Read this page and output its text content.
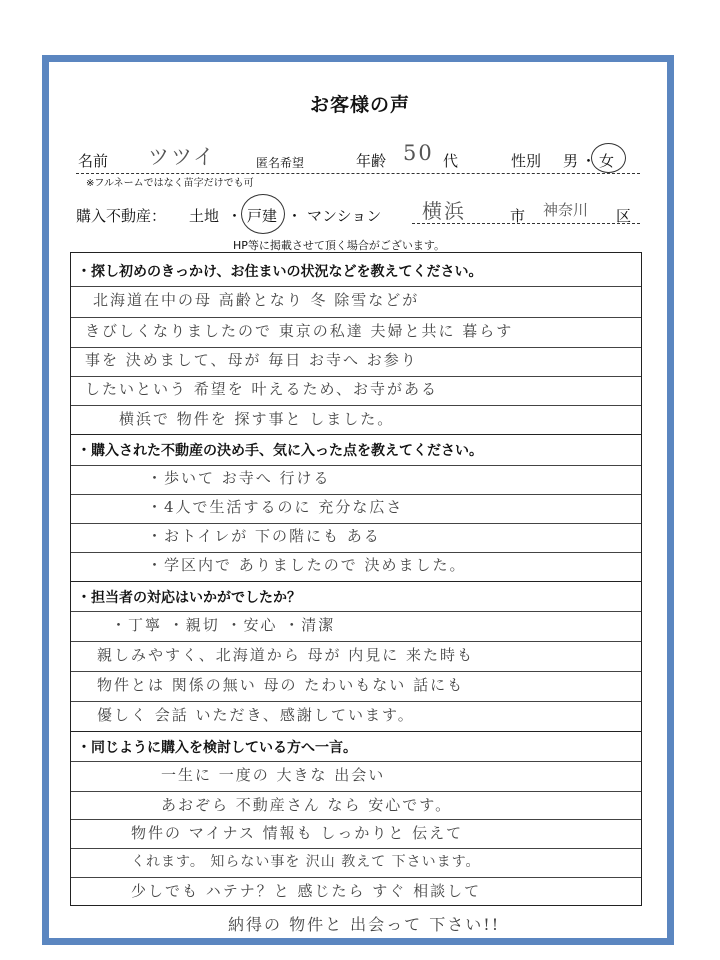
お客様の声
名前 ツツイ	匿名希望	年齢 50 代	性別 男 ・ 女
※フルネームではなく苗字だけでも可
購入不動産： 土地 ・ 戸建 ・ マンション 横浜	市 神奈川 区
HP等に掲載させて頂く場合がございます。
・探し初めのきっかけ、お住まいの状況などを教えてください。
北海道在中の母 高齢となり 冬 除雪などが
きびしくなりましたので 東京の私達 夫婦と共に 暮らす
事を 決めまして、母が 毎日 お寺へ お参り
したいという 希望を 叶えるため、お寺がある
横浜で 物件を 探す事と しました。
・購入された不動産の決め手、気に入った点を教えてください。
・歩いて お寺へ 行ける
・4人で生活するのに 充分な広さ
・おトイレが 下の階にも ある
・学区内で ありましたので 決めました。
・担当者の対応はいかがでしたか？
・丁寧 ・親切 ・安心 ・清潔
親しみやすく、北海道から 母が 内見に 来た時も
物件とは 関係の無い 母の たわいもない 話にも
優しく 会話 いただき、感謝しています。
・同じように購入を検討している方へ一言。
一生に 一度の 大きな 出会い
あおぞら 不動産さん なら 安心です。
物件の マイナス 情報も しっかりと 伝えて
くれます。 知らない事を 沢山 教えて 下さいます。
少しでも ハテナ？と 感じたら すぐ 相談して
納得の 物件と 出会って 下さい!!
